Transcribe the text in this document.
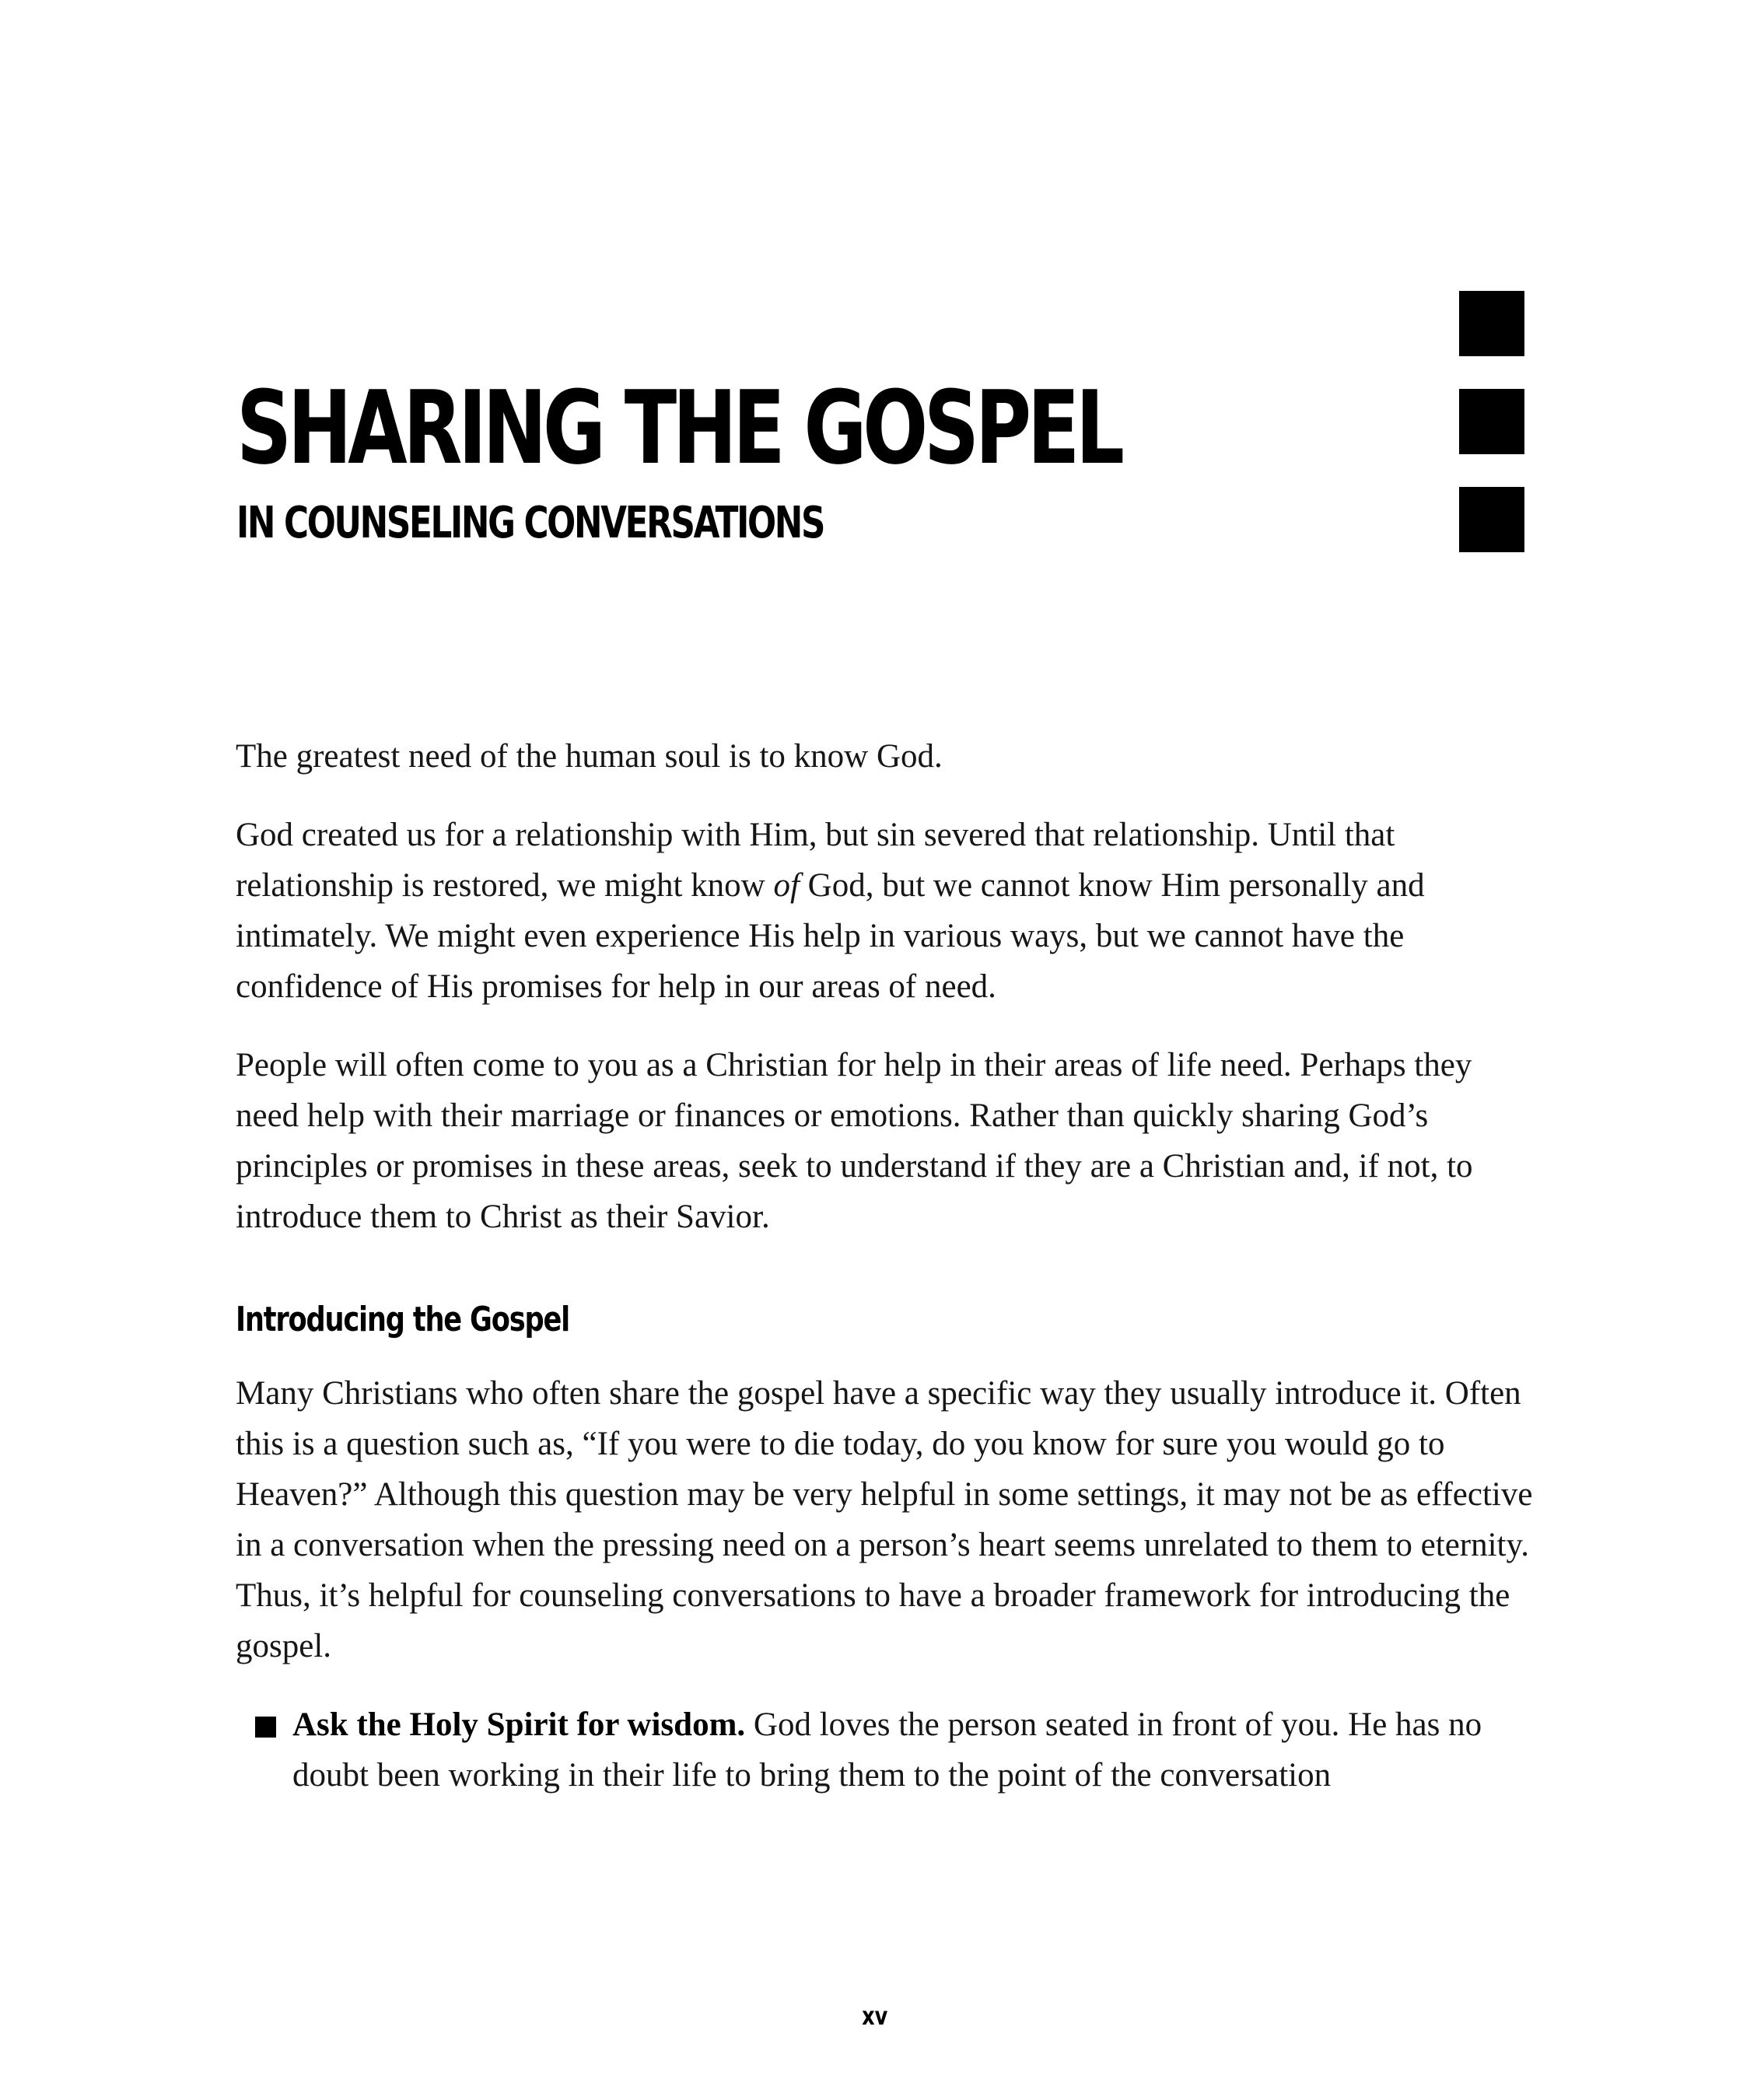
SHARING THE GOSPEL
IN COUNSELING CONVERSATIONS

The greatest need of the human soul is to know God.

God created us for a relationship with Him, but sin severed that relationship. Until that relationship is restored, we might know of God, but we cannot know Him personally and intimately. We might even experience His help in various ways, but we cannot have the confidence of His promises for help in our areas of need.

People will often come to you as a Christian for help in their areas of life need. Perhaps they need help with their marriage or finances or emotions. Rather than quickly sharing God’s principles or promises in these areas, seek to understand if they are a Christian and, if not, to introduce them to Christ as their Savior.

Introducing the Gospel

Many Christians who often share the gospel have a specific way they usually introduce it. Often this is a question such as, “If you were to die today, do you know for sure you would go to Heaven?” Although this question may be very helpful in some settings, it may not be as effective in a conversation when the pressing need on a person’s heart seems unrelated to them to eternity. Thus, it’s helpful for counseling conversations to have a broader framework for introducing the gospel.

Ask the Holy Spirit for wisdom. God loves the person seated in front of you. He has no doubt been working in their life to bring them to the point of the conversation
xv
